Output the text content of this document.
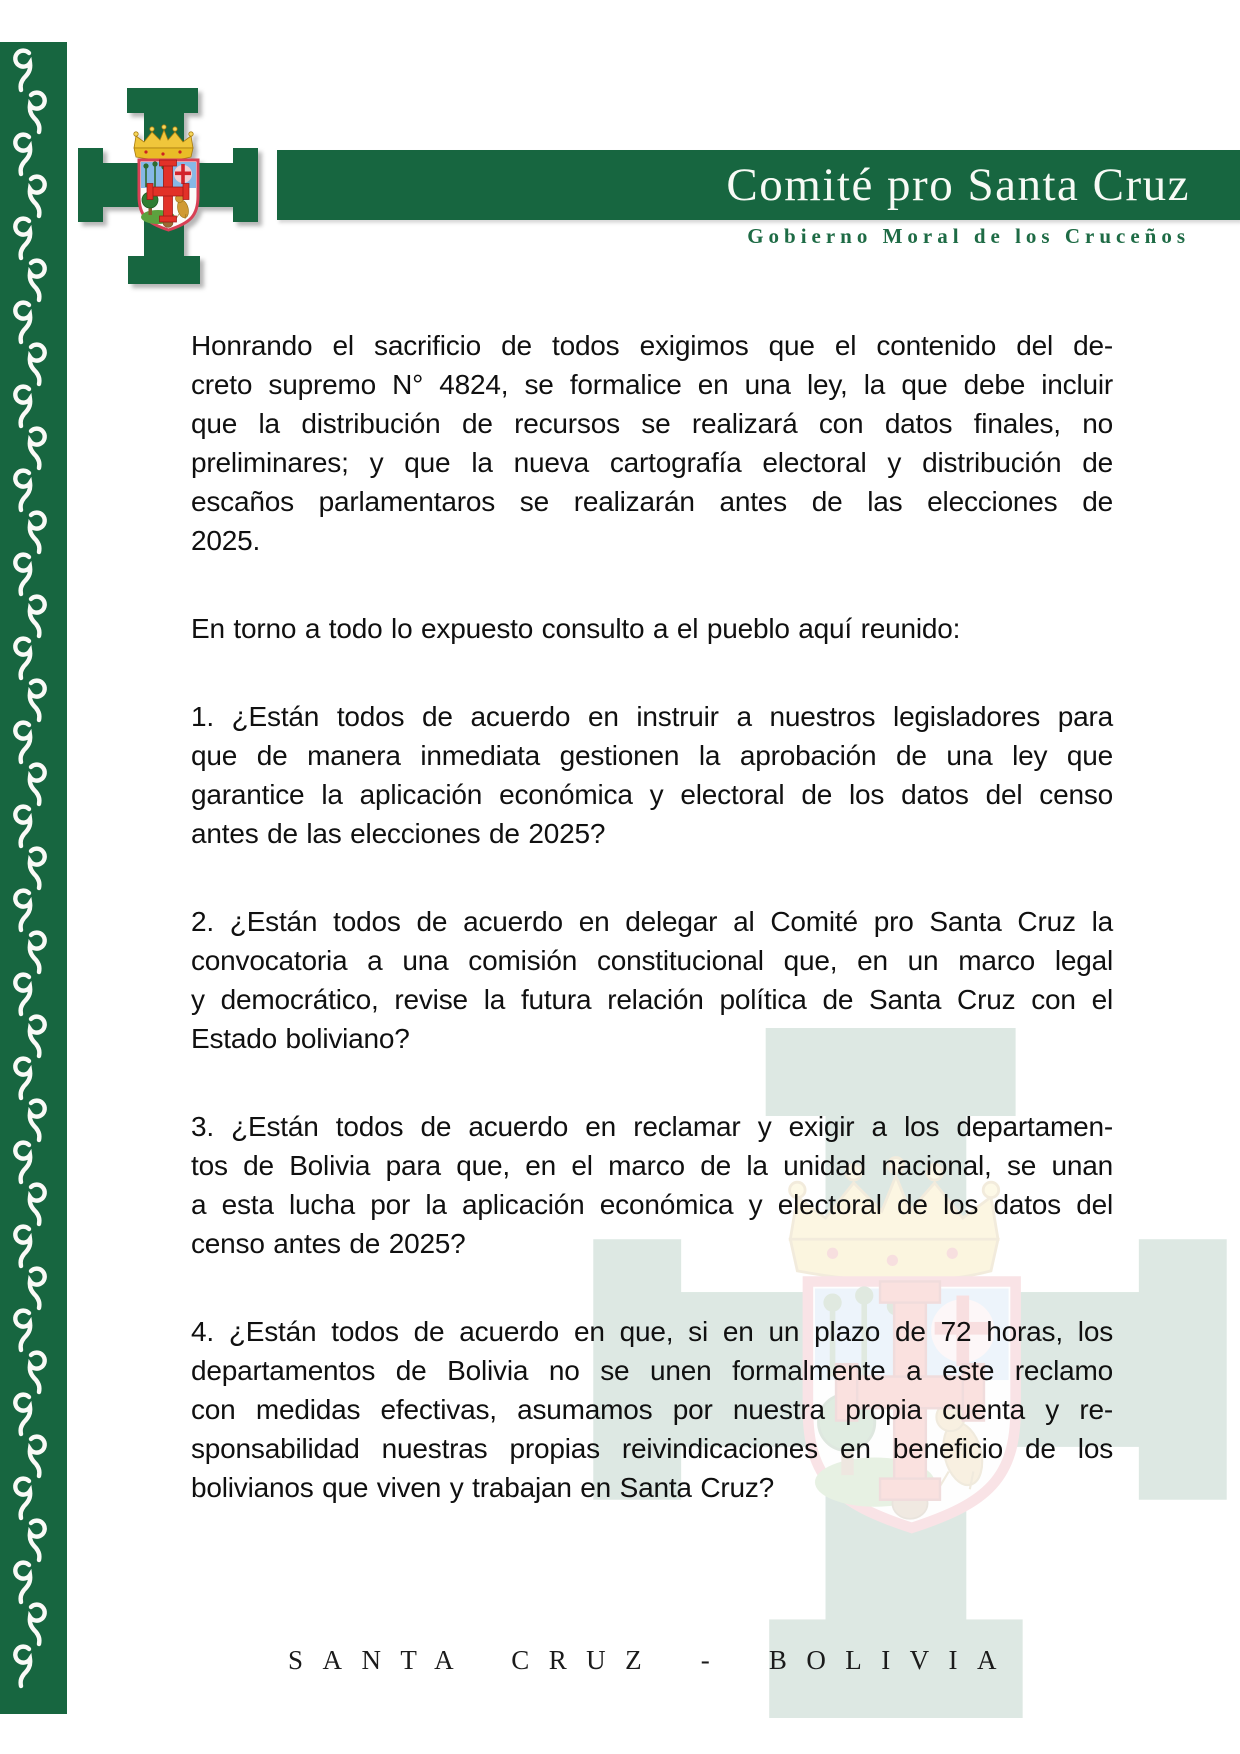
Comité pro Santa Cruz
Gobierno Moral de los Cruceños
Honrando el sacrificio de todos exigimos que el contenido del de-
creto supremo N° 4824, se formalice en una ley, la que debe incluir
que la distribución de recursos se realizará con datos finales, no
preliminares; y que la nueva cartografía electoral y distribución de
escaños parlamentaros se realizarán antes de las elecciones de
2025.
En torno a todo lo expuesto consulto a el pueblo aquí reunido:
1. ¿Están todos de acuerdo en instruir a nuestros legisladores para
que de manera inmediata gestionen la aprobación de una ley que
garantice la aplicación económica y electoral de los datos del censo
antes de las elecciones de 2025?
2. ¿Están todos de acuerdo en delegar al Comité pro Santa Cruz la
convocatoria a una comisión constitucional que, en un marco legal
y democrático, revise la futura relación política de Santa Cruz con el
Estado boliviano?
3. ¿Están todos de acuerdo en reclamar y exigir a los departamen-
tos de Bolivia para que, en el marco de la unidad nacional, se unan
a esta lucha por la aplicación económica y electoral de los datos del
censo antes de 2025?
4. ¿Están todos de acuerdo en que, si en un plazo de 72 horas, los
departamentos de Bolivia no se unen formalmente a este reclamo
con medidas efectivas, asumamos por nuestra propia cuenta y re-
sponsabilidad nuestras propias reivindicaciones en beneficio de los
bolivianos que viven y trabajan en Santa Cruz?
SANTA CRUZ - BOLIVIA
